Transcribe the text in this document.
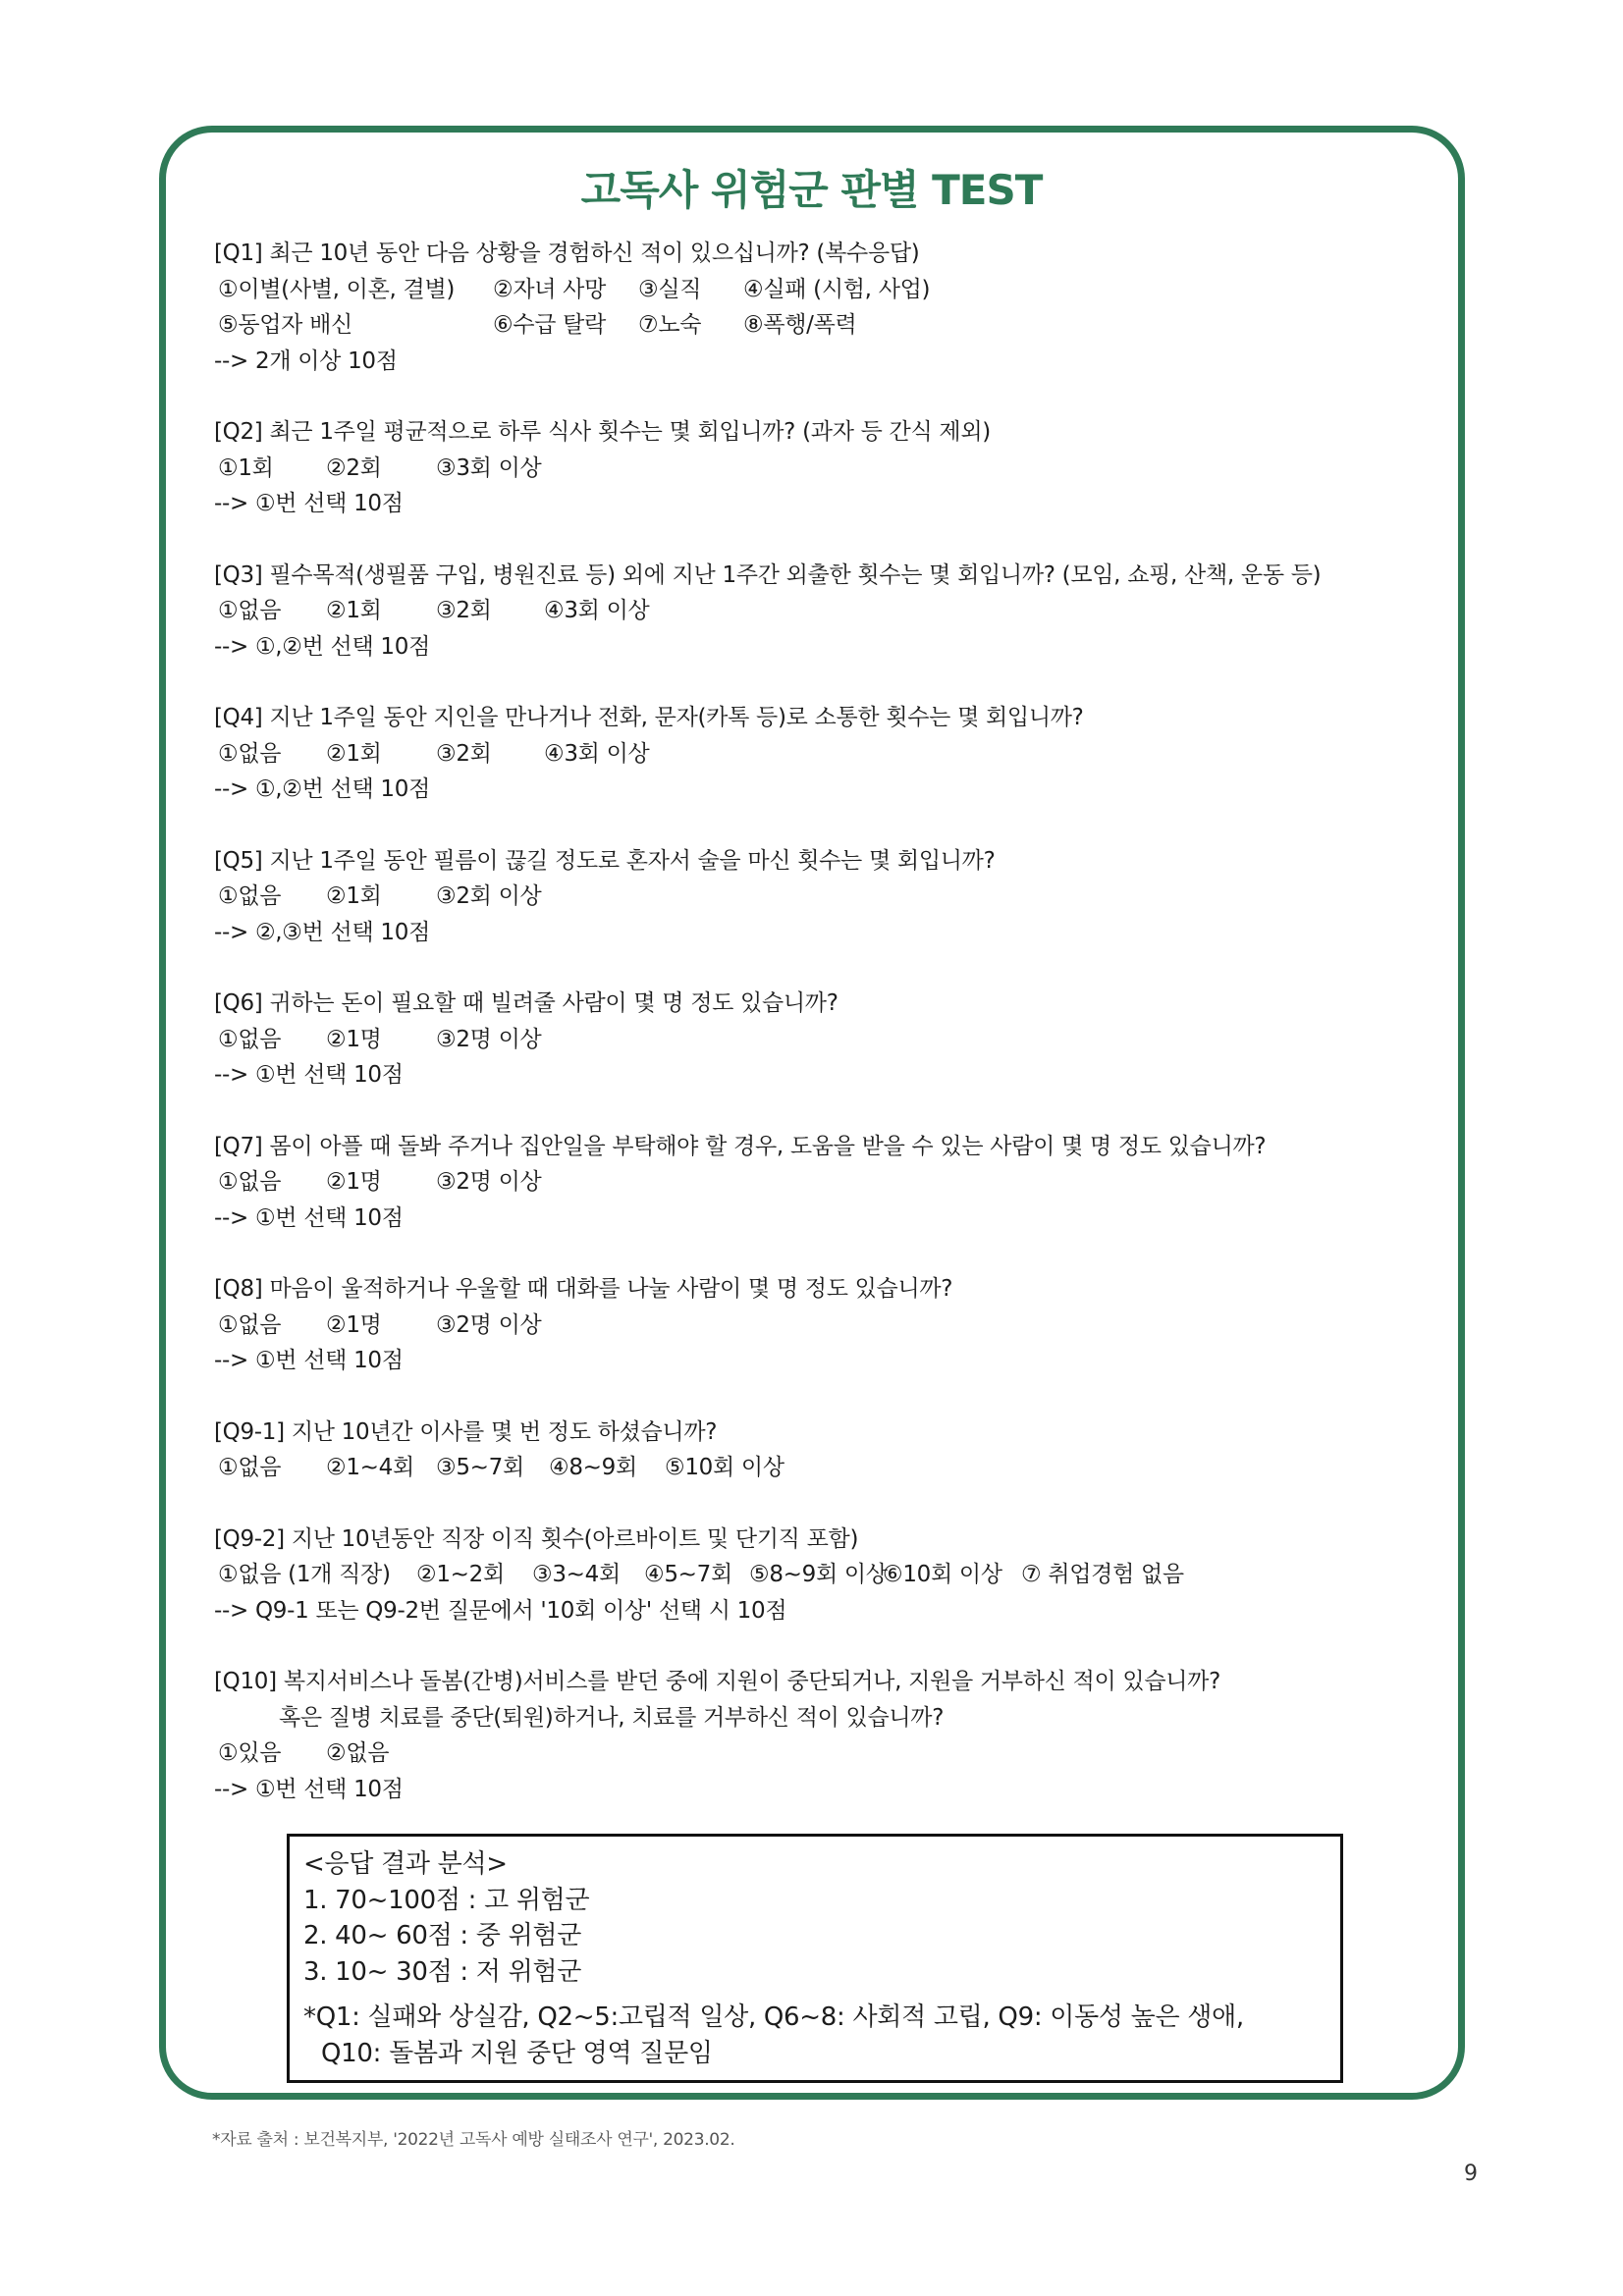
고독사 위험군 판별 TEST
[Q1] 최근 10년 동안 다음 상황을 경험하신 적이 있으십니까? (복수응답)
①이별(사별, 이혼, 결별) ②자녀 사망 ③실직 ④실패 (시험, 사업)
⑤동업자 배신	⑥수급 탈락 ⑦노숙 ⑧폭행/폭력
--> 2개 이상 10점
[Q2] 최근 1주일 평균적으로 하루 식사 횟수는 몇 회입니까? (과자 등 간식 제외)
①1회 ②2회 ③3회 이상
--> ①번 선택 10점
[Q3] 필수목적(생필품 구입, 병원진료 등) 외에 지난 1주간 외출한 횟수는 몇 회입니까? (모임, 쇼핑, 산책, 운동 등)
①없음 ②1회 ③2회 ④3회 이상
--> ①,②번 선택 10점
[Q4] 지난 1주일 동안 지인을 만나거나 전화, 문자(카톡 등)로 소통한 횟수는 몇 회입니까?
①없음 ②1회 ③2회 ④3회 이상
--> ①,②번 선택 10점
[Q5] 지난 1주일 동안 필름이 끊길 정도로 혼자서 술을 마신 횟수는 몇 회입니까?
①없음 ②1회 ③2회 이상
--> ②,③번 선택 10점
[Q6] 귀하는 돈이 필요할 때 빌려줄 사람이 몇 명 정도 있습니까?
①없음 ②1명 ③2명 이상
--> ①번 선택 10점
[Q7] 몸이 아플 때 돌봐 주거나 집안일을 부탁해야 할 경우, 도움을 받을 수 있는 사람이 몇 명 정도 있습니까?
①없음 ②1명 ③2명 이상
--> ①번 선택 10점
[Q8] 마음이 울적하거나 우울할 때 대화를 나눌 사람이 몇 명 정도 있습니까?
①없음 ②1명 ③2명 이상
--> ①번 선택 10점
[Q9-1] 지난 10년간 이사를 몇 번 정도 하셨습니까?
①없음 ②1~4회 ③5~7회 ④8~9회 ⑤10회 이상
[Q9-2] 지난 10년동안 직장 이직 횟수(아르바이트 및 단기직 포함)
①없음 (1개 직장) ②1~2회 ③3~4회 ④5~7회 ⑤8~9회 이상
⑥10회 이상 ⑦ 취업경험 없음
--> Q9-1 또는 Q9-2번 질문에서 '10회 이상' 선택 시 10점
[Q10] 복지서비스나 돌봄(간병)서비스를 받던 중에 지원이 중단되거나, 지원을 거부하신 적이 있습니까?
혹은 질병 치료를 중단(퇴원)하거나, 치료를 거부하신 적이 있습니까?
①있음 ②없음
--> ①번 선택 10점
<응답 결과 분석>
1. 70~100점 : 고 위험군
2. 40~ 60점 : 중 위험군
3. 10~ 30점 : 저 위험군
*Q1: 실패와 상실감, Q2~5:고립적 일상, Q6~8: 사회적 고립, Q9: 이동성 높은 생애,
Q10: 돌봄과 지원 중단 영역 질문임
*자료 출처 : 보건복지부, '2022년 고독사 예방 실태조사 연구', 2023.02.
9
